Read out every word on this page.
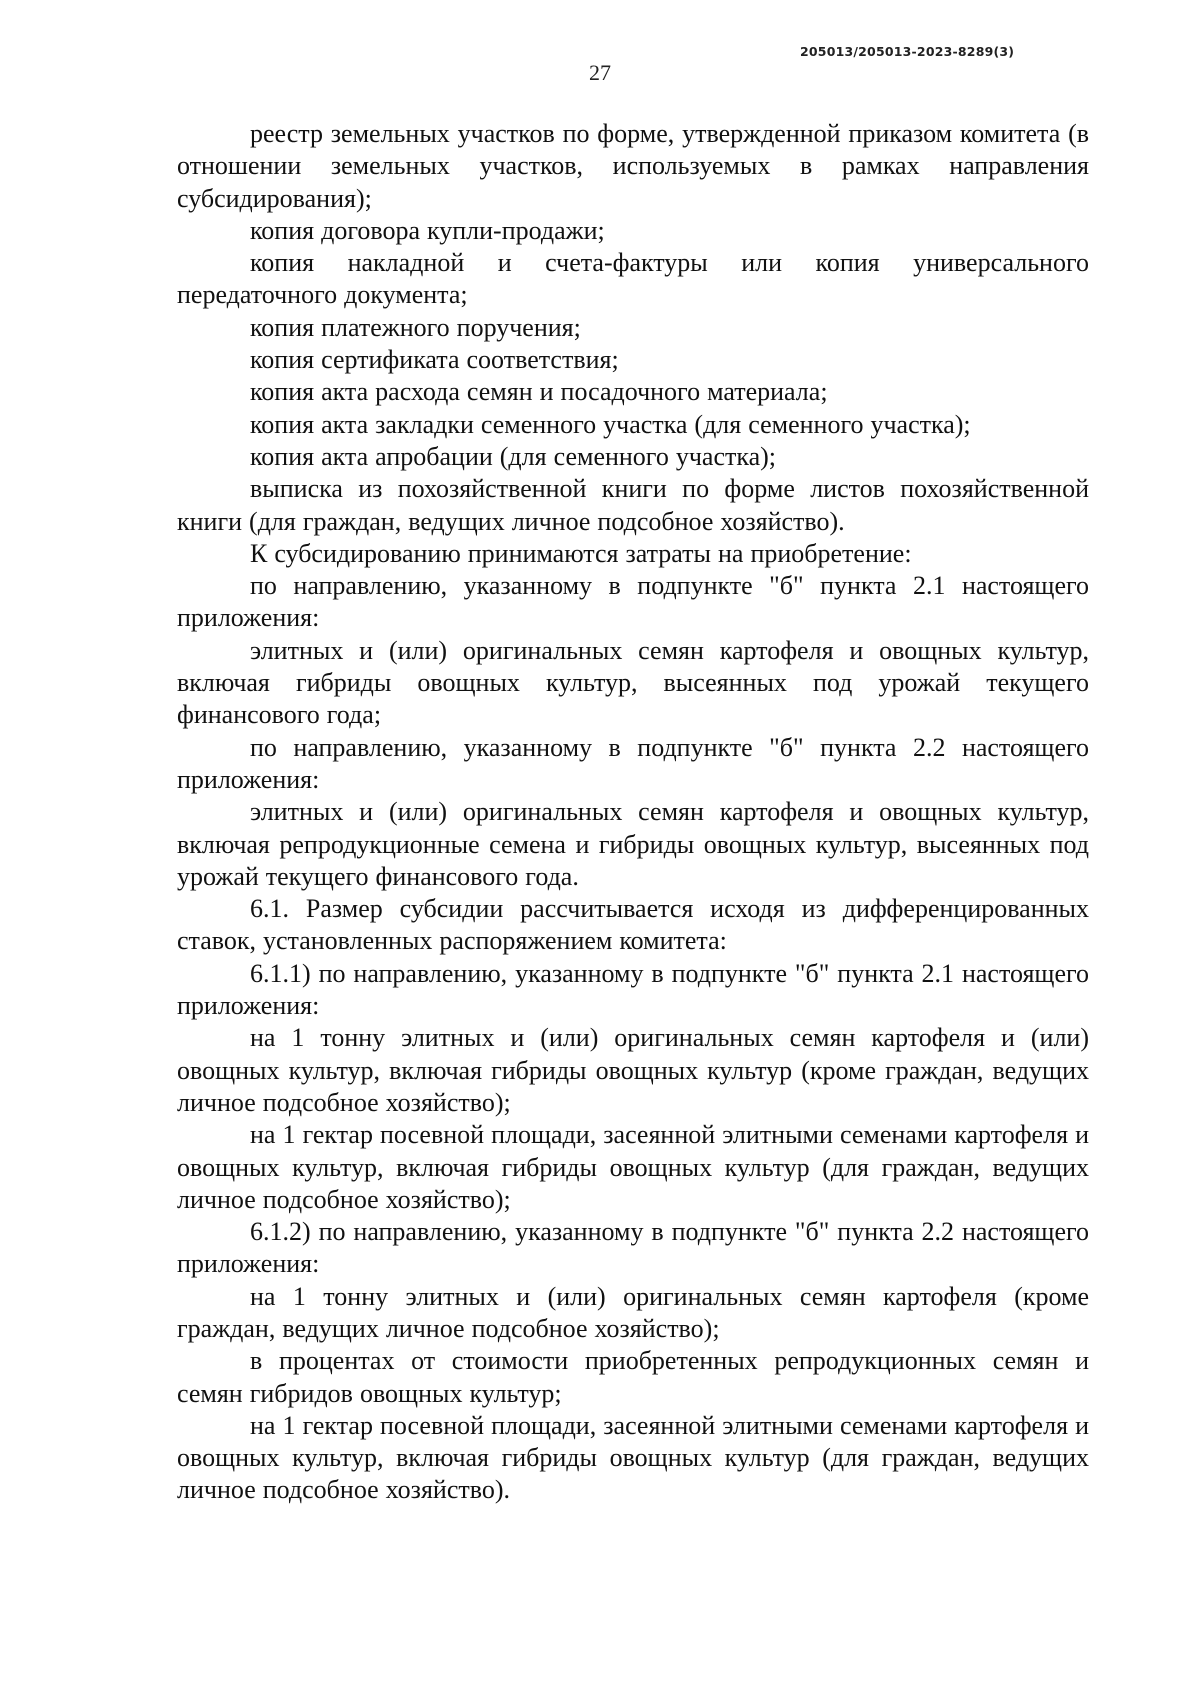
205013/205013-2023-8289(3)
27

реестр земельных участков по форме, утвержденной приказом комитета (в отношении земельных участков, используемых в рамках направления субсидирования);

копия договора купли-продажи;

копия накладной и счета-фактуры или копия универсального передаточного документа;

копия платежного поручения;

копия сертификата соответствия;

копия акта расхода семян и посадочного материала;

копия акта закладки семенного участка (для семенного участка);

копия акта апробации (для семенного участка);

выписка из похозяйственной книги по форме листов похозяйственной книги (для граждан, ведущих личное подсобное хозяйство).

К субсидированию принимаются затраты на приобретение:

по направлению, указанному в подпункте "б" пункта 2.1 настоящего приложения:

элитных и (или) оригинальных семян картофеля и овощных культур, включая гибриды овощных культур, высеянных под урожай текущего финансового года;

по направлению, указанному в подпункте "б" пункта 2.2 настоящего приложения:

элитных и (или) оригинальных семян картофеля и овощных культур, включая репродукционные семена и гибриды овощных культур, высеянных под урожай текущего финансового года.

6.1. Размер субсидии рассчитывается исходя из дифференцированных ставок, установленных распоряжением комитета:

6.1.1) по направлению, указанному в подпункте "б" пункта 2.1 настоящего приложения:

на 1 тонну элитных и (или) оригинальных семян картофеля и (или) овощных культур, включая гибриды овощных культур (кроме граждан, ведущих личное подсобное хозяйство);

на 1 гектар посевной площади, засеянной элитными семенами картофеля и овощных культур, включая гибриды овощных культур (для граждан, ведущих личное подсобное хозяйство);

6.1.2) по направлению, указанному в подпункте "б" пункта 2.2 настоящего приложения:

на 1 тонну элитных и (или) оригинальных семян картофеля (кроме граждан, ведущих личное подсобное хозяйство);

в процентах от стоимости приобретенных репродукционных семян и семян гибридов овощных культур;

на 1 гектар посевной площади, засеянной элитными семенами картофеля и овощных культур, включая гибриды овощных культур (для граждан, ведущих личное подсобное хозяйство).
